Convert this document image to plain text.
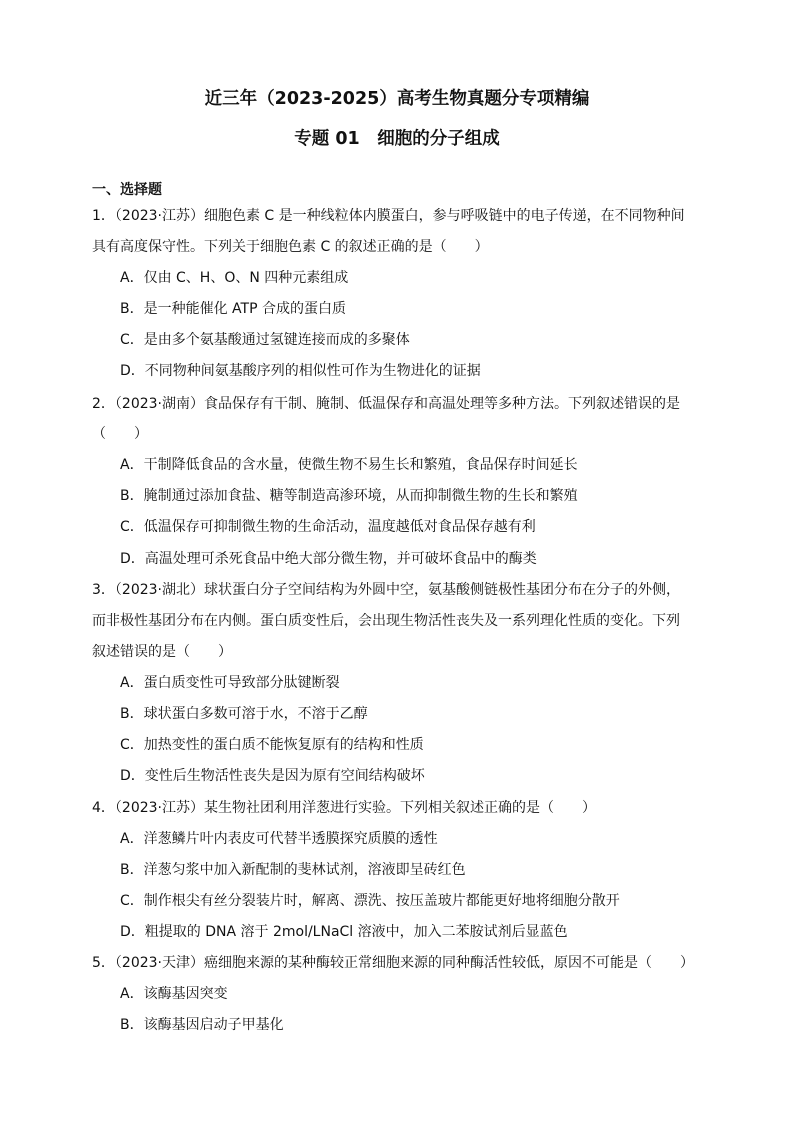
近三年（2023-2025）高考生物真题分专项精编
专题 01　细胞的分子组成
一、选择题
1．（2023·江苏）细胞色素 C 是一种线粒体内膜蛋白，参与呼吸链中的电子传递，在不同物种间
具有高度保守性。下列关于细胞色素 C 的叙述正确的是（　　）
A．仅由 C、H、O、N 四种元素组成
B．是一种能催化 ATP 合成的蛋白质
C．是由多个氨基酸通过氢键连接而成的多聚体
D．不同物种间氨基酸序列的相似性可作为生物进化的证据
2．（2023·湖南）食品保存有干制、腌制、低温保存和高温处理等多种方法。下列叙述错误的是
（　　）
A．干制降低食品的含水量，使微生物不易生长和繁殖，食品保存时间延长
B．腌制通过添加食盐、糖等制造高渗环境，从而抑制微生物的生长和繁殖
C．低温保存可抑制微生物的生命活动，温度越低对食品保存越有利
D．高温处理可杀死食品中绝大部分微生物，并可破坏食品中的酶类
3．（2023·湖北）球状蛋白分子空间结构为外圆中空，氨基酸侧链极性基团分布在分子的外侧，
而非极性基团分布在内侧。蛋白质变性后，会出现生物活性丧失及一系列理化性质的变化。下列
叙述错误的是（　　）
A．蛋白质变性可导致部分肽键断裂
B．球状蛋白多数可溶于水，不溶于乙醇
C．加热变性的蛋白质不能恢复原有的结构和性质
D．变性后生物活性丧失是因为原有空间结构破坏
4．（2023·江苏）某生物社团利用洋葱进行实验。下列相关叙述正确的是（　　）
A．洋葱鳞片叶内表皮可代替半透膜探究质膜的透性
B．洋葱匀浆中加入新配制的斐林试剂，溶液即呈砖红色
C．制作根尖有丝分裂装片时，解离、漂洗、按压盖玻片都能更好地将细胞分散开
D．粗提取的 DNA 溶于 2mol/LNaCl 溶液中，加入二苯胺试剂后显蓝色
5．（2023·天津）癌细胞来源的某种酶较正常细胞来源的同种酶活性较低，原因不可能是（　　）
A．该酶基因突变
B．该酶基因启动子甲基化
